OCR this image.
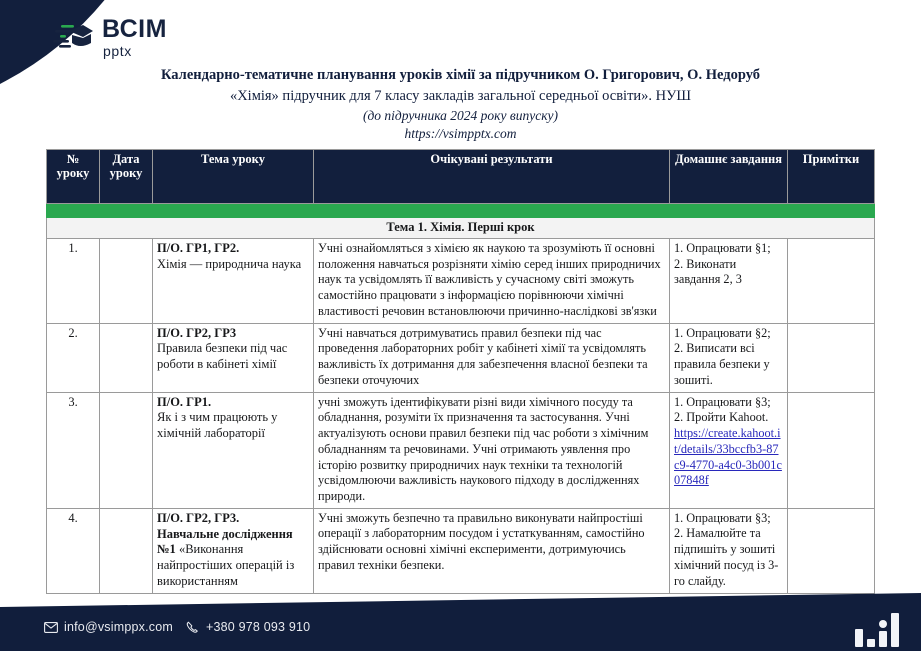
ВСІМ
pptx
Календарно-тематичне планування уроків хімії за підручником О. Григорович, О. Недоруб
«Хімія» підручник для 7 класу закладів загальної середньої освіти». НУШ
(до підручника 2024 року випуску)
https://vsimpptx.com
№ уроку	Дата уроку	Тема уроку	Очікувані результати	Домашнє завдання	Примітки

Тема 1. Хімія. Перші крок					
1.		П/О. ГР1, ГР2.
Хімія — природнича наука	Учні ознайомляться з хімією як наукою та зрозуміють її основні положення навчаться розрізняти хімію серед інших природничих наук та усвідомлять її важливість у сучасному світі зможуть самостійно працювати з інформацією порівнюючи хімічні властивості речовин встановлюючи причинно-наслідкові зв'язки	1. Опрацювати §1;
2. Виконати завдання 2, 3	

2.		П/О. ГР2, ГР3
Правила безпеки під час роботи в кабінеті хімії	Учні навчаться дотримуватись правил безпеки під час проведення лабораторних робіт у кабінеті хімії та усвідомлять важливість їх дотримання для забезпечення власної безпеки та безпеки оточуючих	1. Опрацювати §2;
2. Виписати всі правила безпеки у зошиті.	

3.		П/О. ГР1.
Як і з чим працюють у хімічній лабораторії
	учні зможуть ідентифікувати різні види хімічного посуду та обладнання, розуміти їх призначення та застосування. Учні актуалізують основи правил безпеки під час роботи з хімічним обладнанням та речовинами. Учні отримають уявлення про історію розвитку природничих наук техніки та технологій усвідомлюючи важливість наукового підходу в дослідженнях природи.	
1. Опрацювати §3;
2. Пройти Kahoot.
https://create.kahoot.it/details/33bccfb3-87c9-4770-a4c0-3b001c07848f	
4.		П/О. ГР2, ГР3.
Навчальне дослідження №1 «Виконання найпростіших операцій із використанням	Учні зможуть безпечно та правильно виконувати найпростіші операції з лабораторним посудом і устаткуванням, самостійно здійснювати основні хімічні експерименти, дотримуючись правил техніки безпеки.	1. Опрацювати §3;
2. Намалюйте та підпишіть у зошиті хімічний посуд із 3-го слайду.	

info@vsimppx.com	+380 978 093 910
